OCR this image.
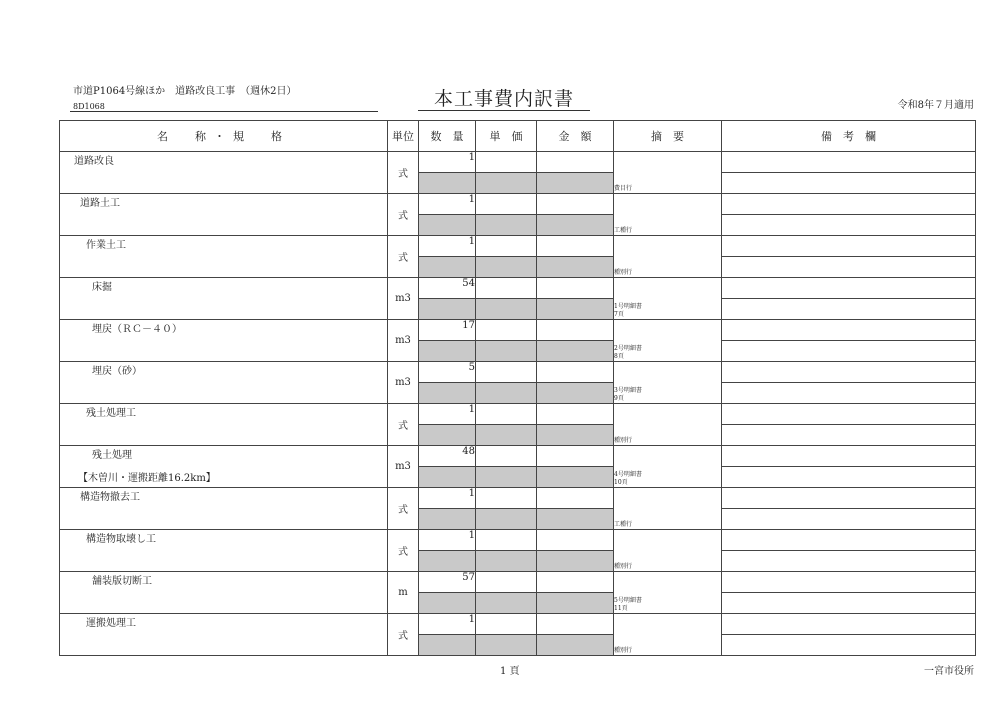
市道P1064号線ほか　道路改良工事　（週休2日）
8D1068	本工事費内訳書	令和8年７月適用
名　称・規　格	単位	数　量	単　価	金　額	摘　要	備　考　欄
道路改良	式	1			費目行	

道路土工	式	1			工種行	

作業土工	式	1			種別行	

床掘	m3	54			1号明細書
7頁	

埋戻（ＲＣ－４０）	m3	17			2号明細書
8頁	

埋戻（砂）	m3	5			3号明細書
9頁	

残土処理工	式	1			種別行	

残土処理
【木曽川・運搬距離16.2km】	m3	48			4号明細書
10頁	

構造物撤去工	式	1			工種行	

構造物取壊し工	式	1			種別行	

舗装版切断工	m	57			5号明細書
11頁	

運搬処理工	式	1			種別行	

1 頁	一宮市役所
